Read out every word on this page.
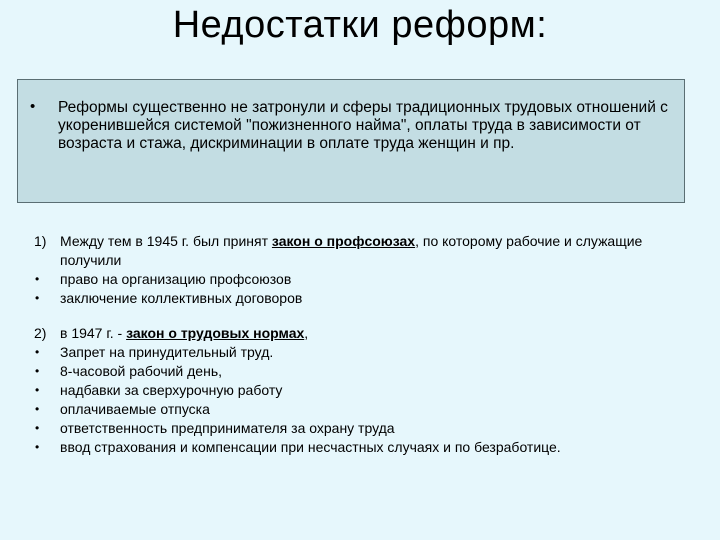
Недостатки реформ:
• Реформы существенно не затронули и сферы традиционных трудовых отношений с укоренившейся системой "пожизненного найма", оплаты труда в зависимости от возраста и стажа, дискриминации в оплате труда женщин и пр.
1) Между тем в 1945 г. был принят закон о профсоюзах, по которому рабочие и служащие получили
• право на организацию профсоюзов
• заключение коллективных договоров
2) в 1947 г. - закон о трудовых нормах,
• Запрет на принудительный труд.
• 8-часовой рабочий день,
• надбавки за сверхурочную работу
• оплачиваемые отпуска
• ответственность предпринимателя за охрану труда
• ввод страхования и компенсации при несчастных случаях и по безработице.
